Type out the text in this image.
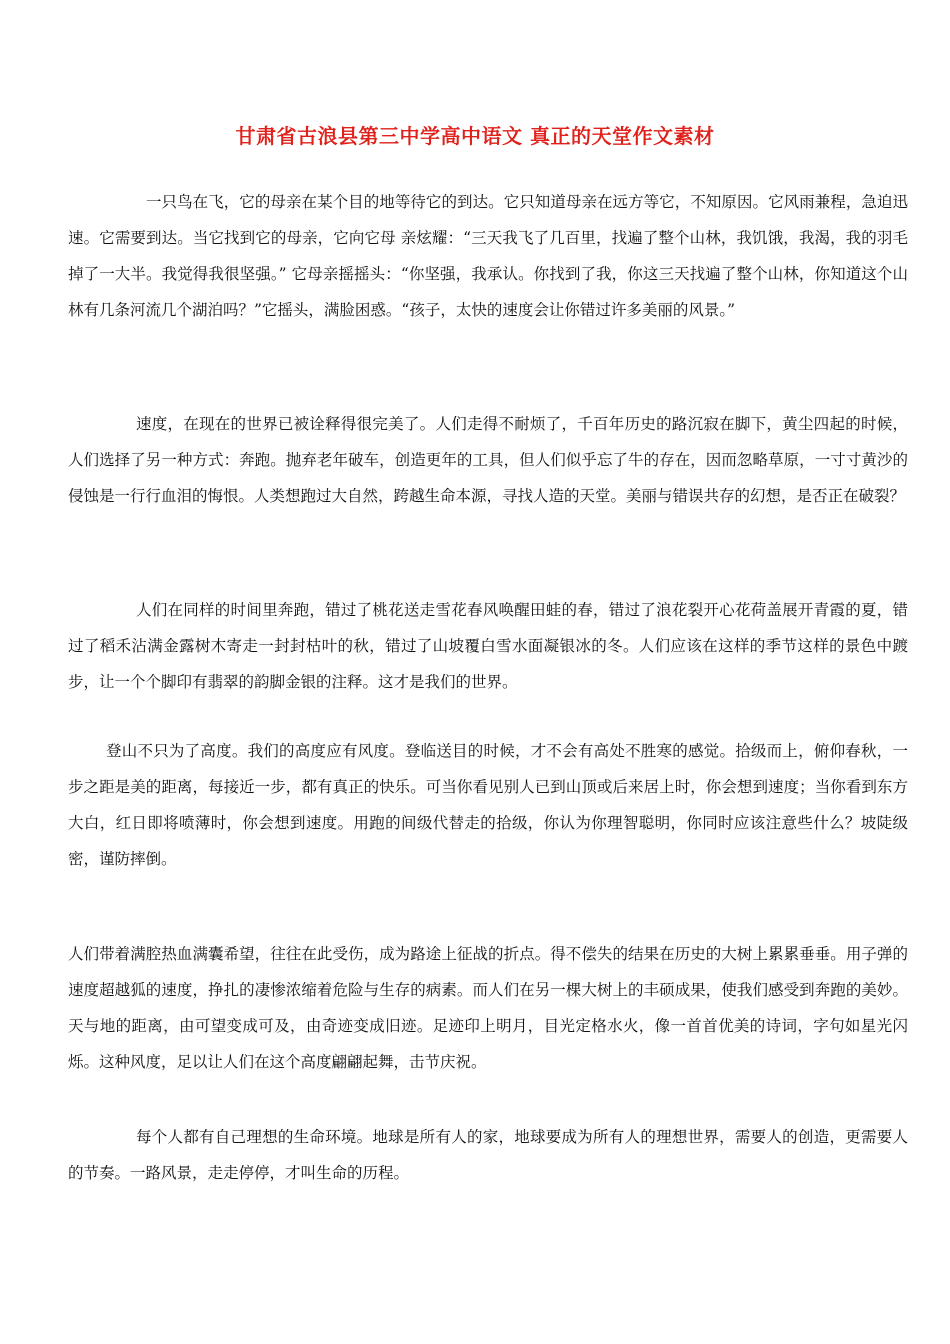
甘肃省古浪县第三中学高中语文 真正的天堂作文素材

一只鸟在飞，它的母亲在某个目的地等待它的到达。它只知道母亲在远方等它，不知原因。它风雨兼程，急迫迅速。它需要到达。当它找到它的母亲，它向它母 亲炫耀：“三天我飞了几百里，找遍了整个山林，我饥饿，我渴，我的羽毛掉了一大半。我觉得我很坚强。” 它母亲摇摇头：“你坚强，我承认。你找到了我，你这三天找遍了整个山林，你知道这个山林有几条河流几个湖泊吗？”它摇头，满脸困惑。“孩子，太快的速度会让你错过许多美丽的风景。”

速度，在现在的世界已被诠释得很完美了。人们走得不耐烦了，千百年历史的路沉寂在脚下，黄尘四起的时候，人们选择了另一种方式：奔跑。抛弃老年破车，创造更年的工具，但人们似乎忘了牛的存在，因而忽略草原，一寸寸黄沙的侵蚀是一行行血泪的悔恨。人类想跑过大自然，跨越生命本源，寻找人造的天堂。美丽与错误共存的幻想，是否正在破裂？

人们在同样的时间里奔跑，错过了桃花送走雪花春风唤醒田蛙的春，错过了浪花裂开心花荷盖展开青霞的夏，错过了稻禾沾满金露树木寄走一封封枯叶的秋，错过了山坡覆白雪水面凝银冰的冬。人们应该在这样的季节这样的景色中踱步，让一个个脚印有翡翠的韵脚金银的注释。这才是我们的世界。

登山不只为了高度。我们的高度应有风度。登临送目的时候，才不会有高处不胜寒的感觉。拾级而上，俯仰春秋，一步之距是美的距离，每接近一步，都有真正的快乐。可当你看见别人已到山顶或后来居上时，你会想到速度；当你看到东方大白，红日即将喷薄时，你会想到速度。用跑的间级代替走的拾级，你认为你理智聪明，你同时应该注意些什么？坡陡级密，谨防摔倒。

人们带着满腔热血满囊希望，往往在此受伤，成为路途上征战的折点。得不偿失的结果在历史的大树上累累垂垂。用子弹的速度超越狐的速度，挣扎的凄惨浓缩着危险与生存的病素。而人们在另一棵大树上的丰硕成果，使我们感受到奔跑的美妙。天与地的距离，由可望变成可及，由奇迹变成旧迹。足迹印上明月，目光定格水火，像一首首优美的诗词，字句如星光闪烁。这种风度，足以让人们在这个高度翩翩起舞，击节庆祝。

每个人都有自己理想的生命环境。地球是所有人的家，地球要成为所有人的理想世界，需要人的创造，更需要人的节奏。一路风景，走走停停，才叫生命的历程。
